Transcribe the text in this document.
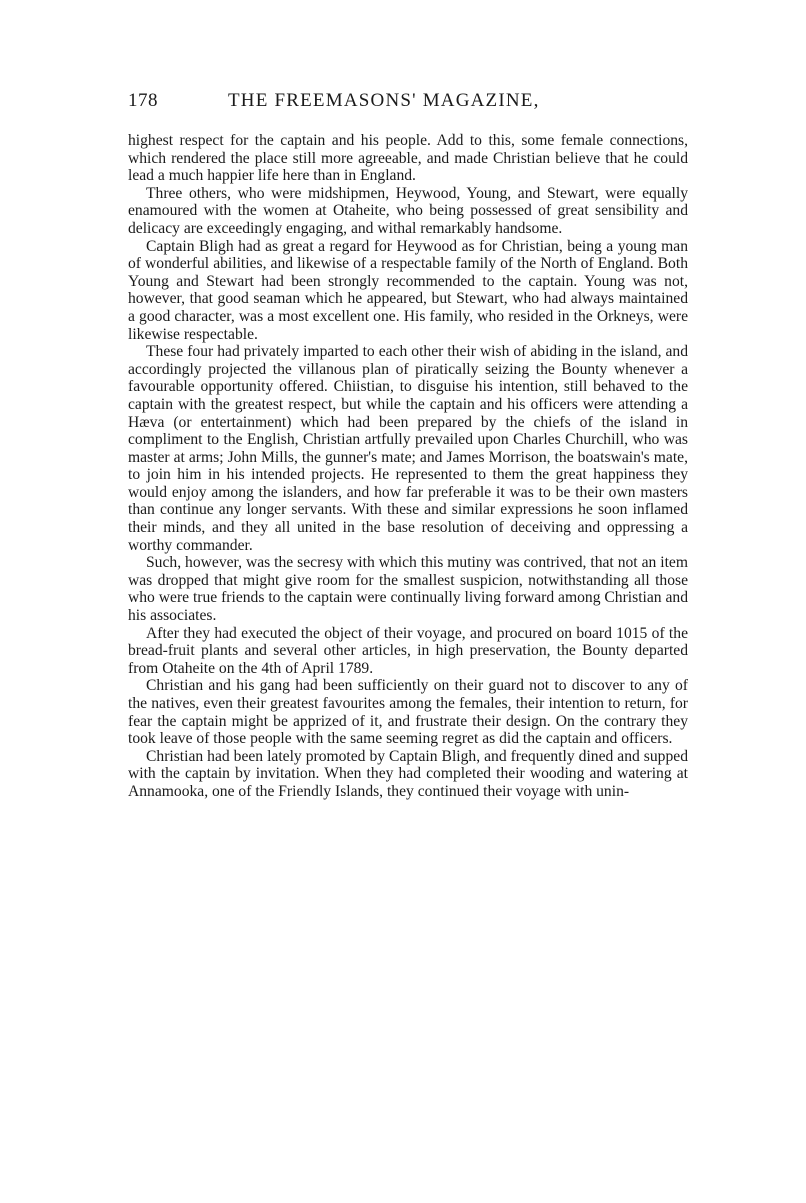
178	THE FREEMASONS' MAGAZINE,

highest respect for the captain and his people. Add to this, some female connections, which rendered the place still more agreeable, and made Christian believe that he could lead a much happier life here than in England.

Three others, who were midshipmen, Heywood, Young, and Stewart, were equally enamoured with the women at Otaheite, who being possessed of great sensibility and delicacy are exceedingly engaging, and withal remarkably handsome.

Captain Bligh had as great a regard for Heywood as for Christian, being a young man of wonderful abilities, and likewise of a respectable family of the North of England. Both Young and Stewart had been strongly recommended to the captain. Young was not, however, that good seaman which he appeared, but Stewart, who had always maintained a good character, was a most excellent one. His family, who resided in the Orkneys, were likewise respectable.

These four had privately imparted to each other their wish of abiding in the island, and accordingly projected the villanous plan of piratically seizing the Bounty whenever a favourable opportunity offered. Chiistian, to disguise his intention, still behaved to the captain with the greatest respect, but while the captain and his officers were attending a Hæva (or entertainment) which had been prepared by the chiefs of the island in compliment to the English, Christian artfully prevailed upon Charles Churchill, who was master at arms; John Mills, the gunner's mate; and James Morrison, the boatswain's mate, to join him in his intended projects. He represented to them the great happiness they would enjoy among the islanders, and how far preferable it was to be their own masters than continue any longer servants. With these and similar expressions he soon inflamed their minds, and they all united in the base resolution of deceiving and oppressing a worthy commander.

Such, however, was the secresy with which this mutiny was contrived, that not an item was dropped that might give room for the smallest suspicion, notwithstanding all those who were true friends to the captain were continually living forward among Christian and his associates.

After they had executed the object of their voyage, and procured on board 1015 of the bread-fruit plants and several other articles, in high preservation, the Bounty departed from Otaheite on the 4th of April 1789.

Christian and his gang had been sufficiently on their guard not to discover to any of the natives, even their greatest favourites among the females, their intention to return, for fear the captain might be apprized of it, and frustrate their design. On the contrary they took leave of those people with the same seeming regret as did the captain and officers.

Christian had been lately promoted by Captain Bligh, and frequently dined and supped with the captain by invitation. When they had completed their wooding and watering at Annamooka, one of the Friendly Islands, they continued their voyage with unin-
